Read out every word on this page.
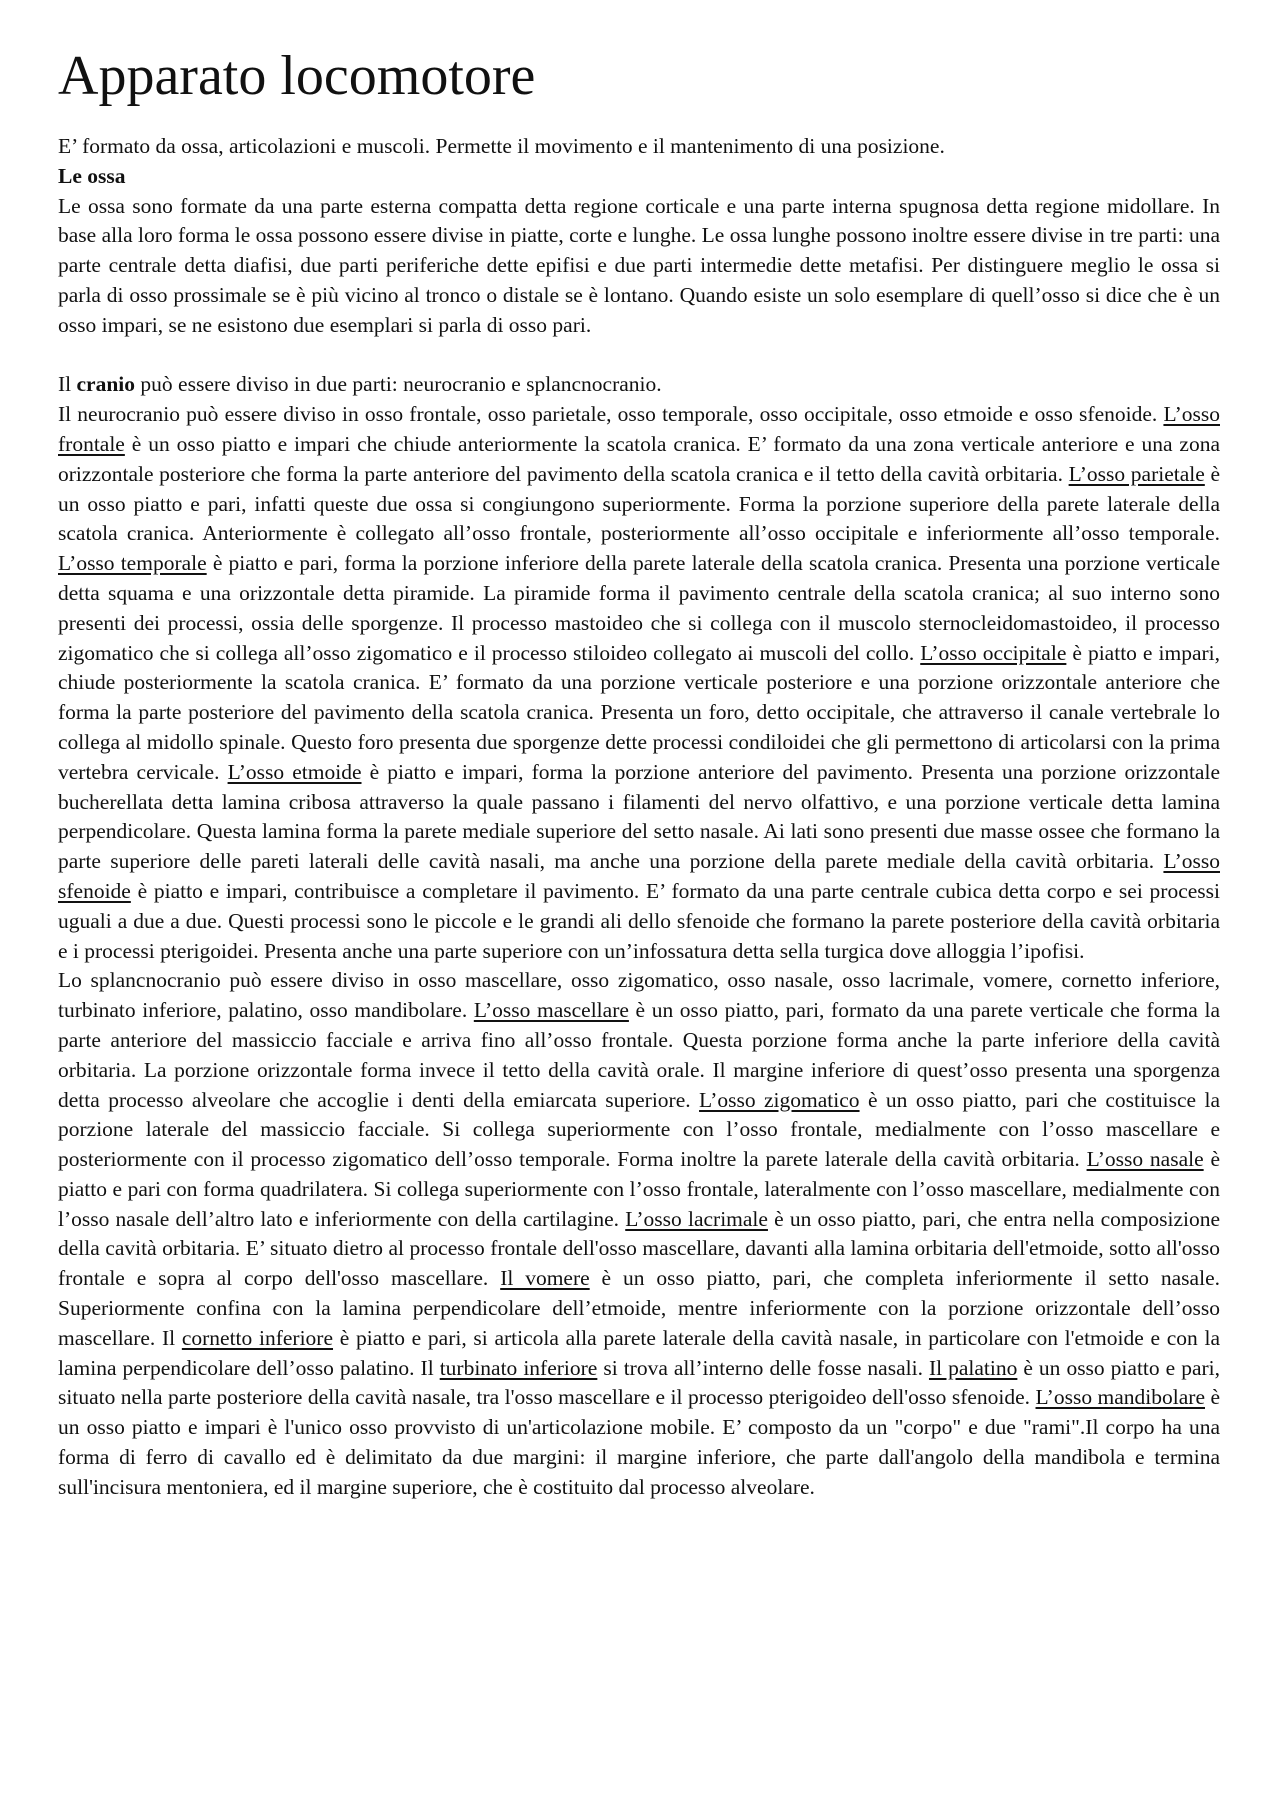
Apparato locomotore

E’ formato da ossa, articolazioni e muscoli. Permette il movimento e il mantenimento di una posizione.

Le ossa

Le ossa sono formate da una parte esterna compatta detta regione corticale e una parte interna spugnosa detta regione midollare. In base alla loro forma le ossa possono essere divise in piatte, corte e lunghe. Le ossa lunghe possono inoltre essere divise in tre parti: una parte centrale detta diafisi, due parti periferiche dette epifisi e due parti intermedie dette metafisi. Per distinguere meglio le ossa si parla di osso prossimale se è più vicino al tronco o distale se è lontano. Quando esiste un solo esemplare di quell’osso si dice che è un osso impari, se ne esistono due esemplari si parla di osso pari.

Il cranio può essere diviso in due parti: neurocranio e splancnocranio.

Il neurocranio può essere diviso in osso frontale, osso parietale, osso temporale, osso occipitale, osso etmoide e osso sfenoide. L’osso frontale è un osso piatto e impari che chiude anteriormente la scatola cranica. E’ formato da una zona verticale anteriore e una zona orizzontale posteriore che forma la parte anteriore del pavimento della scatola cranica e il tetto della cavità orbitaria. L’osso parietale è un osso piatto e pari, infatti queste due ossa si congiungono superiormente. Forma la porzione superiore della parete laterale della scatola cranica. Anteriormente è collegato all’osso frontale, posteriormente all’osso occipitale e inferiormente all’osso temporale. L’osso temporale è piatto e pari, forma la porzione inferiore della parete laterale della scatola cranica. Presenta una porzione verticale detta squama e una orizzontale detta piramide. La piramide forma il pavimento centrale della scatola cranica; al suo interno sono presenti dei processi, ossia delle sporgenze. Il processo mastoideo che si collega con il muscolo sternocleidomastoideo, il processo zigomatico che si collega all’osso zigomatico e il processo stiloideo collegato ai muscoli del collo. L’osso occipitale è piatto e impari, chiude posteriormente la scatola cranica. E’ formato da una porzione verticale posteriore e una porzione orizzontale anteriore che forma la parte posteriore del pavimento della scatola cranica. Presenta un foro, detto occipitale, che attraverso il canale vertebrale lo collega al midollo spinale. Questo foro presenta due sporgenze dette processi condiloidei che gli permettono di articolarsi con la prima vertebra cervicale. L’osso etmoide è piatto e impari, forma la porzione anteriore del pavimento. Presenta una porzione orizzontale bucherellata detta lamina cribosa attraverso la quale passano i filamenti del nervo olfattivo, e una porzione verticale detta lamina perpendicolare. Questa lamina forma la parete mediale superiore del setto nasale. Ai lati sono presenti due masse ossee che formano la parte superiore delle pareti laterali delle cavità nasali, ma anche una porzione della parete mediale della cavità orbitaria. L’osso sfenoide è piatto e impari, contribuisce a completare il pavimento. E’ formato da una parte centrale cubica detta corpo e sei processi uguali a due a due. Questi processi sono le piccole e le grandi ali dello sfenoide che formano la parete posteriore della cavità orbitaria e i processi pterigoidei. Presenta anche una parte superiore con un’infossatura detta sella turgica dove alloggia l’ipofisi.

Lo splancnocranio può essere diviso in osso mascellare, osso zigomatico, osso nasale, osso lacrimale, vomere, cornetto inferiore, turbinato inferiore, palatino, osso mandibolare. L’osso mascellare è un osso piatto, pari, formato da una parete verticale che forma la parte anteriore del massiccio facciale e arriva fino all’osso frontale. Questa porzione forma anche la parte inferiore della cavità orbitaria. La porzione orizzontale forma invece il tetto della cavità orale. Il margine inferiore di quest’osso presenta una sporgenza detta processo alveolare che accoglie i denti della emiarcata superiore. L’osso zigomatico è un osso piatto, pari che costituisce la porzione laterale del massiccio facciale. Si collega superiormente con l’osso frontale, medialmente con l’osso mascellare e posteriormente con il processo zigomatico dell’osso temporale. Forma inoltre la parete laterale della cavità orbitaria. L’osso nasale è piatto e pari con forma quadrilatera. Si collega superiormente con l’osso frontale, lateralmente con l’osso mascellare, medialmente con l’osso nasale dell’altro lato e inferiormente con della cartilagine. L’osso lacrimale è un osso piatto, pari, che entra nella composizione della cavità orbitaria. E’ situato dietro al processo frontale dell'osso mascellare, davanti alla lamina orbitaria dell'etmoide, sotto all'osso frontale e sopra al corpo dell'osso mascellare. Il vomere è un osso piatto, pari, che completa inferiormente il setto nasale. Superiormente confina con la lamina perpendicolare dell’etmoide, mentre inferiormente con la porzione orizzontale dell’osso mascellare. Il cornetto inferiore è piatto e pari, si articola alla parete laterale della cavità nasale, in particolare con l'etmoide e con la lamina perpendicolare dell’osso palatino. Il turbinato inferiore si trova all’interno delle fosse nasali. Il palatino è un osso piatto e pari, situato nella parte posteriore della cavità nasale, tra l'osso mascellare e il processo pterigoideo dell'osso sfenoide. L’osso mandibolare è un osso piatto e impari è l'unico osso provvisto di un'articolazione mobile. E’ composto da un "corpo" e due "rami".Il corpo ha una forma di ferro di cavallo ed è delimitato da due margini: il margine inferiore, che parte dall'angolo della mandibola e termina sull'incisura mentoniera, ed il margine superiore, che è costituito dal processo alveolare.
